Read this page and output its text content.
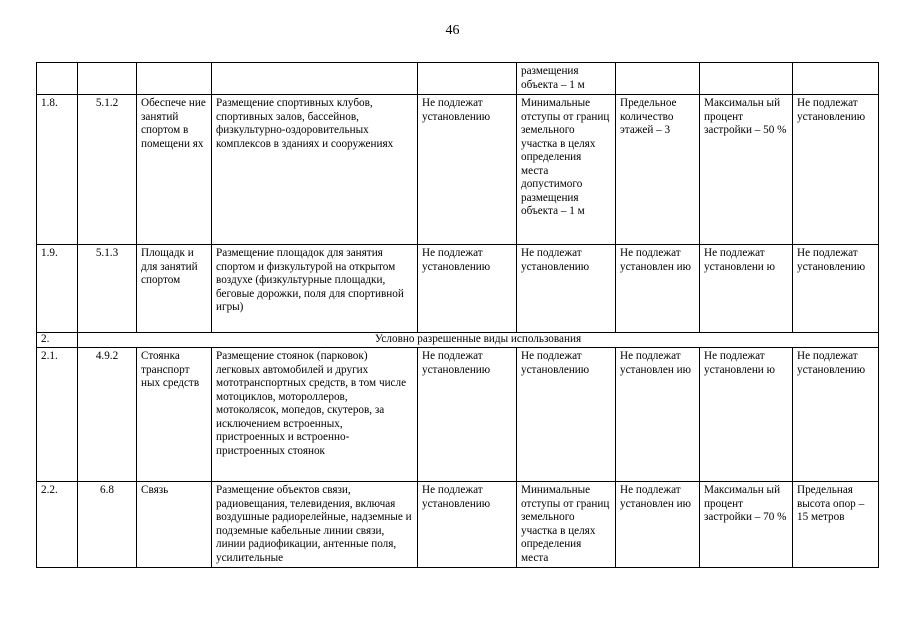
46
					размещения объекта – 1 м			
1.8.	5.1.2	Обеспече ние занятий спортом в помещени ях	Размещение спортивных клубов, спортивных залов, бассейнов, физкультурно-оздоровительных комплексов в зданиях и сооружениях	Не подлежат установлению	Минимальные отступы от границ земельного участка в целях определения места допустимого размещения объекта – 1 м	Предельное количество этажей – 3	Максимальн ый процент застройки – 50 %	Не подлежат установлению
1.9.	5.1.3	Площадк и для занятий спортом	Размещение площадок для занятия спортом и физкультурой на открытом воздухе (физкультурные площадки, беговые дорожки, поля для спортивной игры)	Не подлежат установлению	Не подлежат установлению	Не подлежат установлен ию	Не подлежат установлени ю	Не подлежат установлению
2.	Условно разрешенные виды использования							
2.1.	4.9.2	Стоянка транспорт ных средств	Размещение стоянок (парковок) легковых автомобилей и других мототранспортных средств, в том числе мотоциклов, мотороллеров, мотоколясок, мопедов, скутеров, за исключением встроенных, пристроенных и встроенно-пристроенных стоянок	Не подлежат установлению	Не подлежат установлению	Не подлежат установлен ию	Не подлежат установлени ю	Не подлежат установлению
2.2.	6.8	Связь	Размещение объектов связи, радиовещания, телевидения, включая воздушные радиорелейные, надземные и подземные кабельные линии связи, линии радиофикации, антенные поля, усилительные	Не подлежат установлению	Минимальные отступы от границ земельного участка в целях определения места	Не подлежат установлен ию	Максимальн ый процент застройки – 70 %	Предельная высота опор – 15 метров
